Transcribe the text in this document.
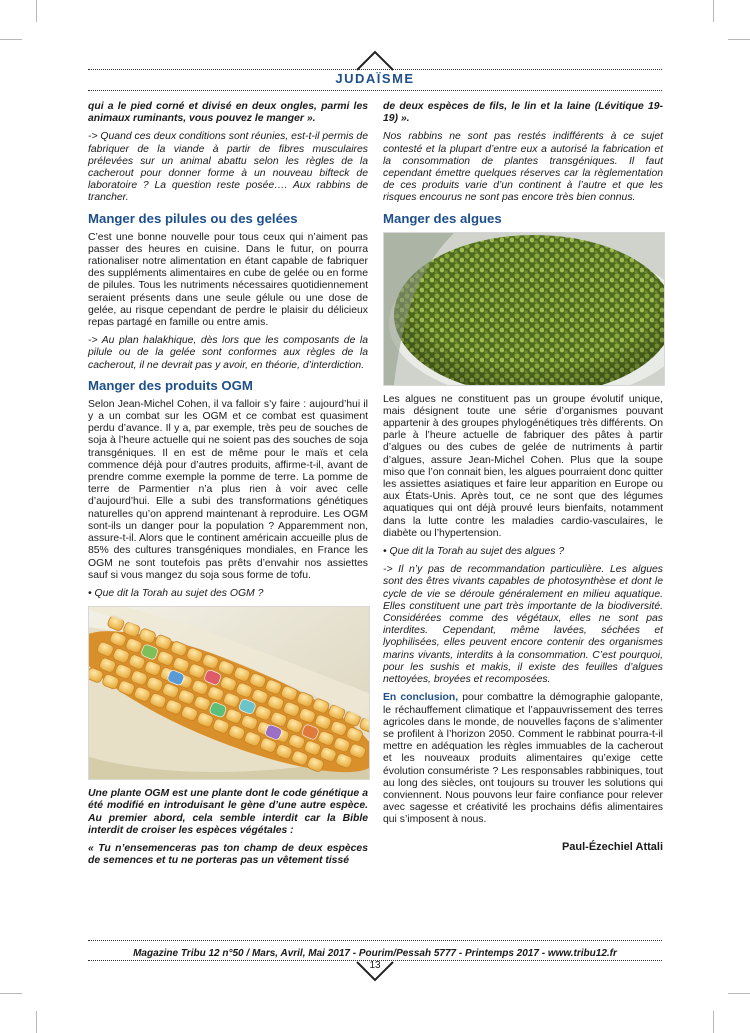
JUDAÏSME

qui a le pied corné et divisé en deux ongles, parmi les animaux ruminants, vous pouvez le manger ».

-> Quand ces deux conditions sont réunies, est-t-il permis de fabriquer de la viande à partir de fibres musculaires prélevées sur un animal abattu selon les règles de la cacherout pour donner forme à un nouveau bifteck de laboratoire ? La question reste posée…. Aux rabbins de trancher.

Manger des pilules ou des gelées

C’est une bonne nouvelle pour tous ceux qui n’aiment pas passer des heures en cuisine. Dans le futur, on pourra rationaliser notre alimentation en étant capable de fabriquer des suppléments alimentaires en cube de gelée ou en forme de pilules. Tous les nutriments nécessaires quotidiennement seraient présents dans une seule gélule ou une dose de gelée, au risque cependant de perdre le plaisir du délicieux repas partagé en famille ou entre amis.

-> Au plan halakhique, dès lors que les composants de la pilule ou de la gelée sont conformes aux règles de la cacherout, il ne devrait pas y avoir, en théorie, d’interdiction.

Manger des produits OGM

Selon Jean-Michel Cohen, il va falloir s’y faire : aujourd’hui il y a un combat sur les OGM et ce combat est quasiment perdu d’avance. Il y a, par exemple, très peu de souches de soja à l’heure actuelle qui ne soient pas des souches de soja transgéniques. Il en est de même pour le maïs et cela commence déjà pour d’autres produits, affirme-t-il, avant de prendre comme exemple la pomme de terre. La pomme de terre de Parmentier n’a plus rien à voir avec celle d’aujourd’hui. Elle a subi des transformations génétiques naturelles qu’on apprend maintenant à reproduire. Les OGM sont-ils un danger pour la population ? Apparemment non, assure-t-il. Alors que le continent américain accueille plus de 85% des cultures transgéniques mondiales, en France les OGM ne sont toutefois pas prêts d’envahir nos assiettes sauf si vous mangez du soja sous forme de tofu.

• Que dit la Torah au sujet des OGM ?

Une plante OGM est une plante dont le code génétique a été modifié en introduisant le gène d’une autre espèce. Au premier abord, cela semble interdit car la Bible interdit de croiser les espèces végétales :

« Tu n’ensemenceras pas ton champ de deux espèces de semences et tu ne porteras pas un vêtement tissé

de deux espèces de fils, le lin et la laine (Lévitique 19-19) ».

Nos rabbins ne sont pas restés indifférents à ce sujet contesté et la plupart d’entre eux a autorisé la fabrication et la consommation de plantes transgéniques. Il faut cependant émettre quelques réserves car la règlementation de ces produits varie d’un continent à l’autre et que les risques encourus ne sont pas encore très bien connus.

Manger des algues

Les algues ne constituent pas un groupe évolutif unique, mais désignent toute une série d’organismes pouvant appartenir à des groupes phylogénétiques très différents. On parle à l’heure actuelle de fabriquer des pâtes à partir d’algues ou des cubes de gelée de nutriments à partir d’algues, assure Jean-Michel Cohen. Plus que la soupe miso que l’on connait bien, les algues pourraient donc quitter les assiettes asiatiques et faire leur apparition en Europe ou aux États-Unis. Après tout, ce ne sont que des légumes aquatiques qui ont déjà prouvé leurs bienfaits, notamment dans la lutte contre les maladies cardio-vasculaires, le diabète ou l’hypertension.

• Que dit la Torah au sujet des algues ?

-> Il n’y pas de recommandation particulière. Les algues sont des êtres vivants capables de photosynthèse et dont le cycle de vie se déroule généralement en milieu aquatique. Elles constituent une part très importante de la biodiversité. Considérées comme des végétaux, elles ne sont pas interdites. Cependant, même lavées, séchées et lyophilisées, elles peuvent encore contenir des organismes marins vivants, interdits à la consommation. C’est pourquoi, pour les sushis et makis, il existe des feuilles d’algues nettoyées, broyées et recomposées.

En conclusion, pour combattre la démographie galopante, le réchauffement climatique et l’appauvrissement des terres agricoles dans le monde, de nouvelles façons de s’alimenter se profilent à l’horizon 2050. Comment le rabbinat pourra-t-il mettre en adéquation les règles immuables de la cacherout et les nouveaux produits alimentaires qu’exige cette évolution consumériste ? Les responsables rabbiniques, tout au long des siècles, ont toujours su trouver les solutions qui conviennent. Nous pouvons leur faire confiance pour relever avec sagesse et créativité les prochains défis alimentaires qui s’imposent à nous.

Paul-Ézechiel Attali
Magazine Tribu 12 n°50 / Mars, Avril, Mai 2017 - Pourim/Pessah 5777 - Printemps 2017 - www.tribu12.fr
13
